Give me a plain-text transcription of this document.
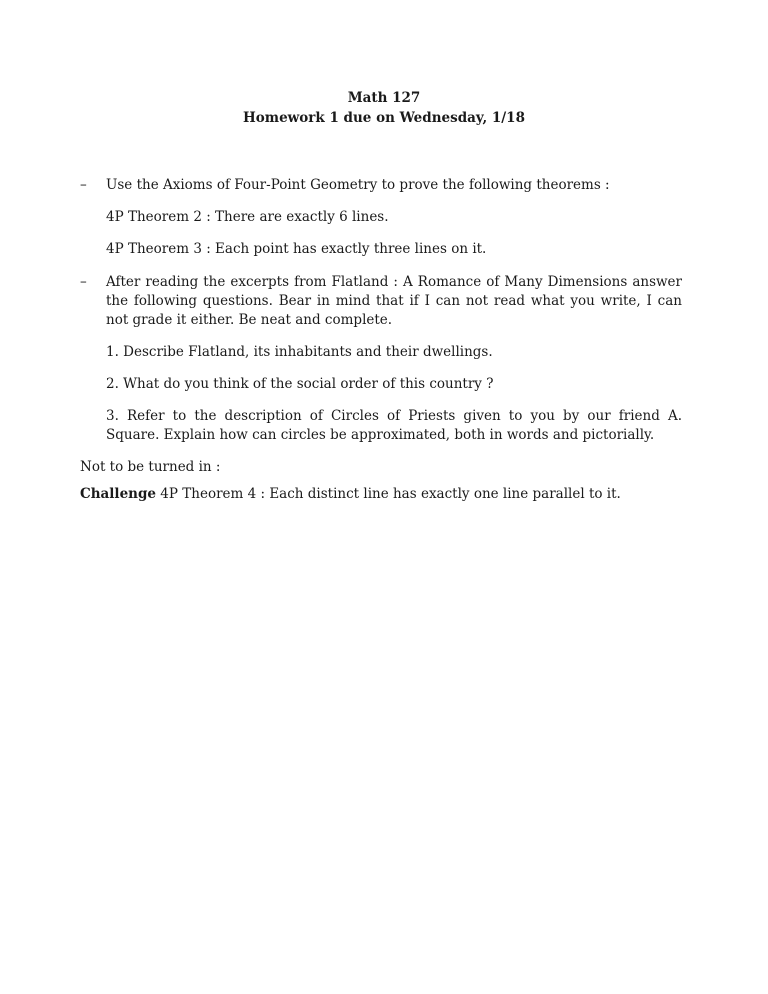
Math 127
Homework 1 due on Wednesday, 1/18
– Use the Axioms of Four-Point Geometry to prove the following theorems :
4P Theorem 2 : There are exactly 6 lines.
4P Theorem 3 : Each point has exactly three lines on it.
– After reading the excerpts from Flatland : A Romance of Many Dimensions answer the following questions. Bear in mind that if I can not read what you write, I can not grade it either. Be neat and complete.
1. Describe Flatland, its inhabitants and their dwellings.
2. What do you think of the social order of this country ?
3. Refer to the description of Circles of Priests given to you by our friend A. Square. Explain how can circles be approximated, both in words and pictorially.
Not to be turned in :
Challenge 4P Theorem 4 : Each distinct line has exactly one line parallel to it.
